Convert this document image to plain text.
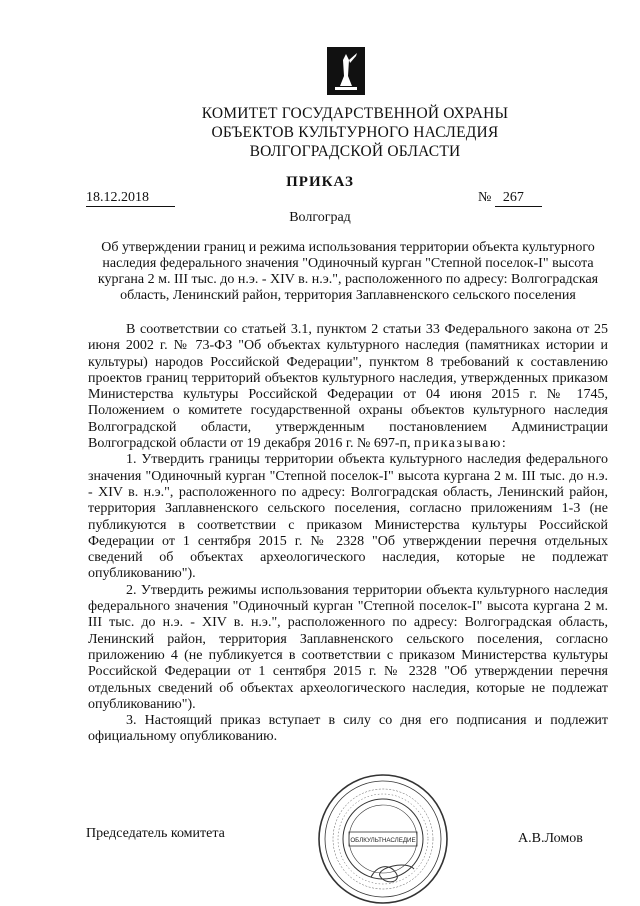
КОМИТЕТ ГОСУДАРСТВЕННОЙ ОХРАНЫ
ОБЪЕКТОВ КУЛЬТУРНОГО НАСЛЕДИЯ
ВОЛГОГРАДСКОЙ ОБЛАСТИ
ПРИКАЗ
18.12.2018	№ 267
Волгоград
Об утверждении границ и режима использования территории объекта культурного наследия федерального значения "Одиночный курган "Степной поселок-I" высота кургана 2 м. III тыс. до н.э. - XIV в. н.э.", расположенного по адресу: Волгоградская область, Ленинский район, территория Заплавненского сельского поселения

В соответствии со статьей 3.1, пунктом 2 статьи 33 Федерального закона от 25 июня 2002 г. № 73-ФЗ "Об объектах культурного наследия (памятниках истории и культуры) народов Российской Федерации", пунктом 8 требований к составлению проектов границ территорий объектов культурного наследия, утвержденных приказом Министерства культуры Российской Федерации от 04 июня 2015 г. № 1745, Положением о комитете государственной охраны объектов культурного наследия Волгоградской области, утвержденным постановлением Администрации Волгоградской области от 19 декабря 2016 г. № 697-п, приказываю:

1. Утвердить границы территории объекта культурного наследия федерального значения "Одиночный курган "Степной поселок-I" высота кургана 2 м. III тыс. до н.э. - XIV в. н.э.", расположенного по адресу: Волгоградская область, Ленинский район, территория Заплавненского сельского поселения, согласно приложениям 1-3 (не публикуются в соответствии с приказом Министерства культуры Российской Федерации от 1 сентября 2015 г. № 2328 "Об утверждении перечня отдельных сведений об объектах археологического наследия, которые не подлежат опубликованию").

2. Утвердить режимы использования территории объекта культурного наследия федерального значения "Одиночный курган "Степной поселок-I" высота кургана 2 м. III тыс. до н.э. - XIV в. н.э.", расположенного по адресу: Волгоградская область, Ленинский район, территория Заплавненского сельского поселения, согласно приложению 4 (не публикуется в соответствии с приказом Министерства культуры Российской Федерации от 1 сентября 2015 г. № 2328 "Об утверждении перечня отдельных сведений об объектах археологического наследия, которые не подлежат опубликованию").

3. Настоящий приказ вступает в силу со дня его подписания и подлежит официальному опубликованию.

Председатель комитета	А.В.Ломов
ОБЛКУЛЬТНАСЛЕДИЕ
